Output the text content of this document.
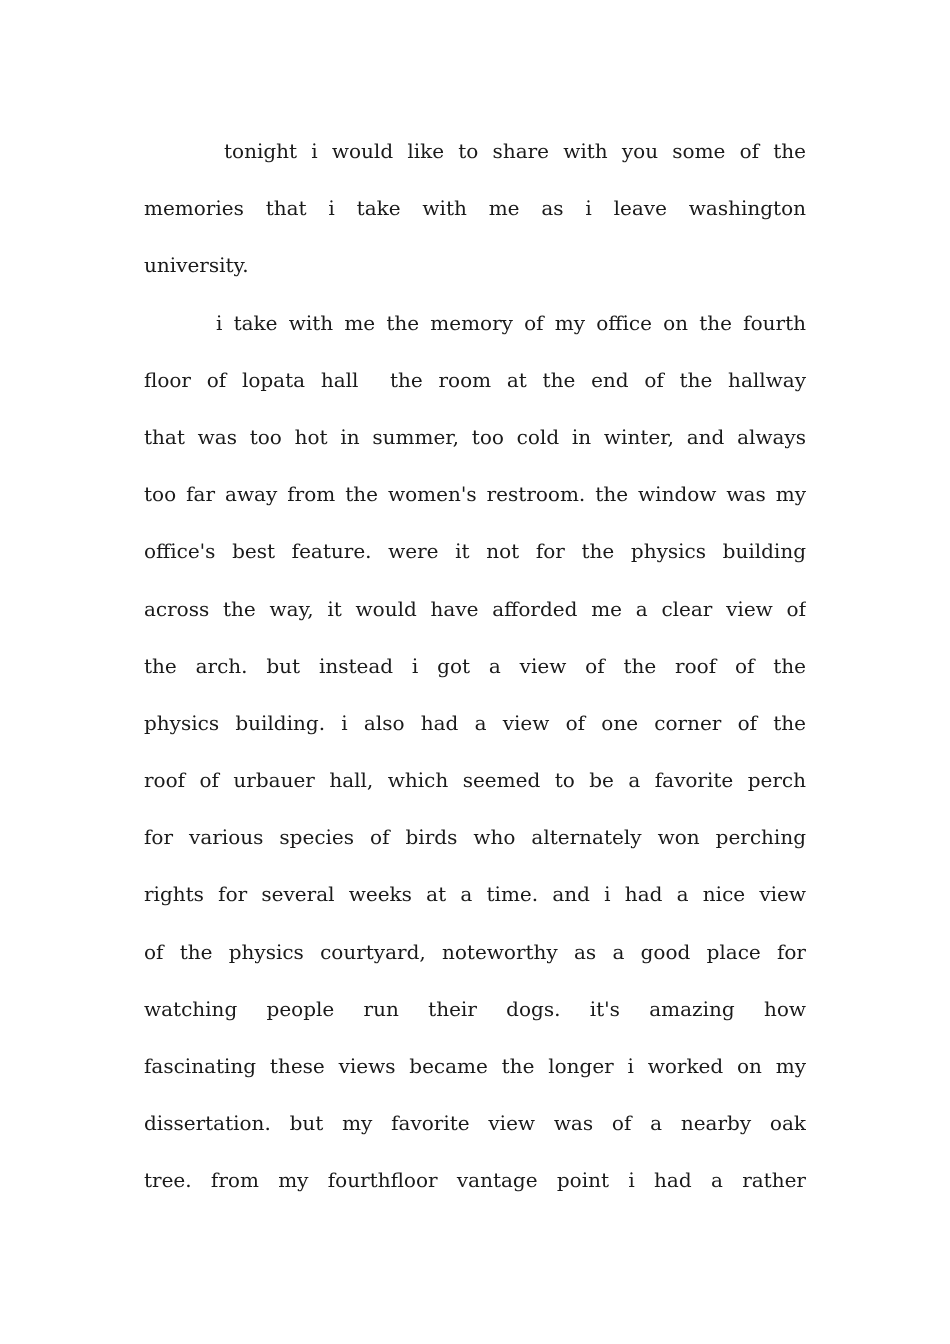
tonight i would like to share with you some of the
memories that i take with me as i leave washington
university.
i take with me the memory of my office on the fourth
floor of lopata hall  the room at the end of the hallway
that was too hot in summer, too cold in winter, and always
too far away from the women's restroom. the window was my
office's best feature. were it not for the physics building
across the way, it would have afforded me a clear view of
the arch. but instead i got a view of the roof of the
physics building. i also had a view of one corner of the
roof of urbauer hall, which seemed to be a favorite perch
for various species of birds who alternately won perching
rights for several weeks at a time. and i had a nice view
of the physics courtyard, noteworthy as a good place for
watching people run their dogs. it's amazing how
fascinating these views became the longer i worked on my
dissertation. but my favorite view was of a nearby oak
tree. from my fourthfloor vantage point i had a rather
